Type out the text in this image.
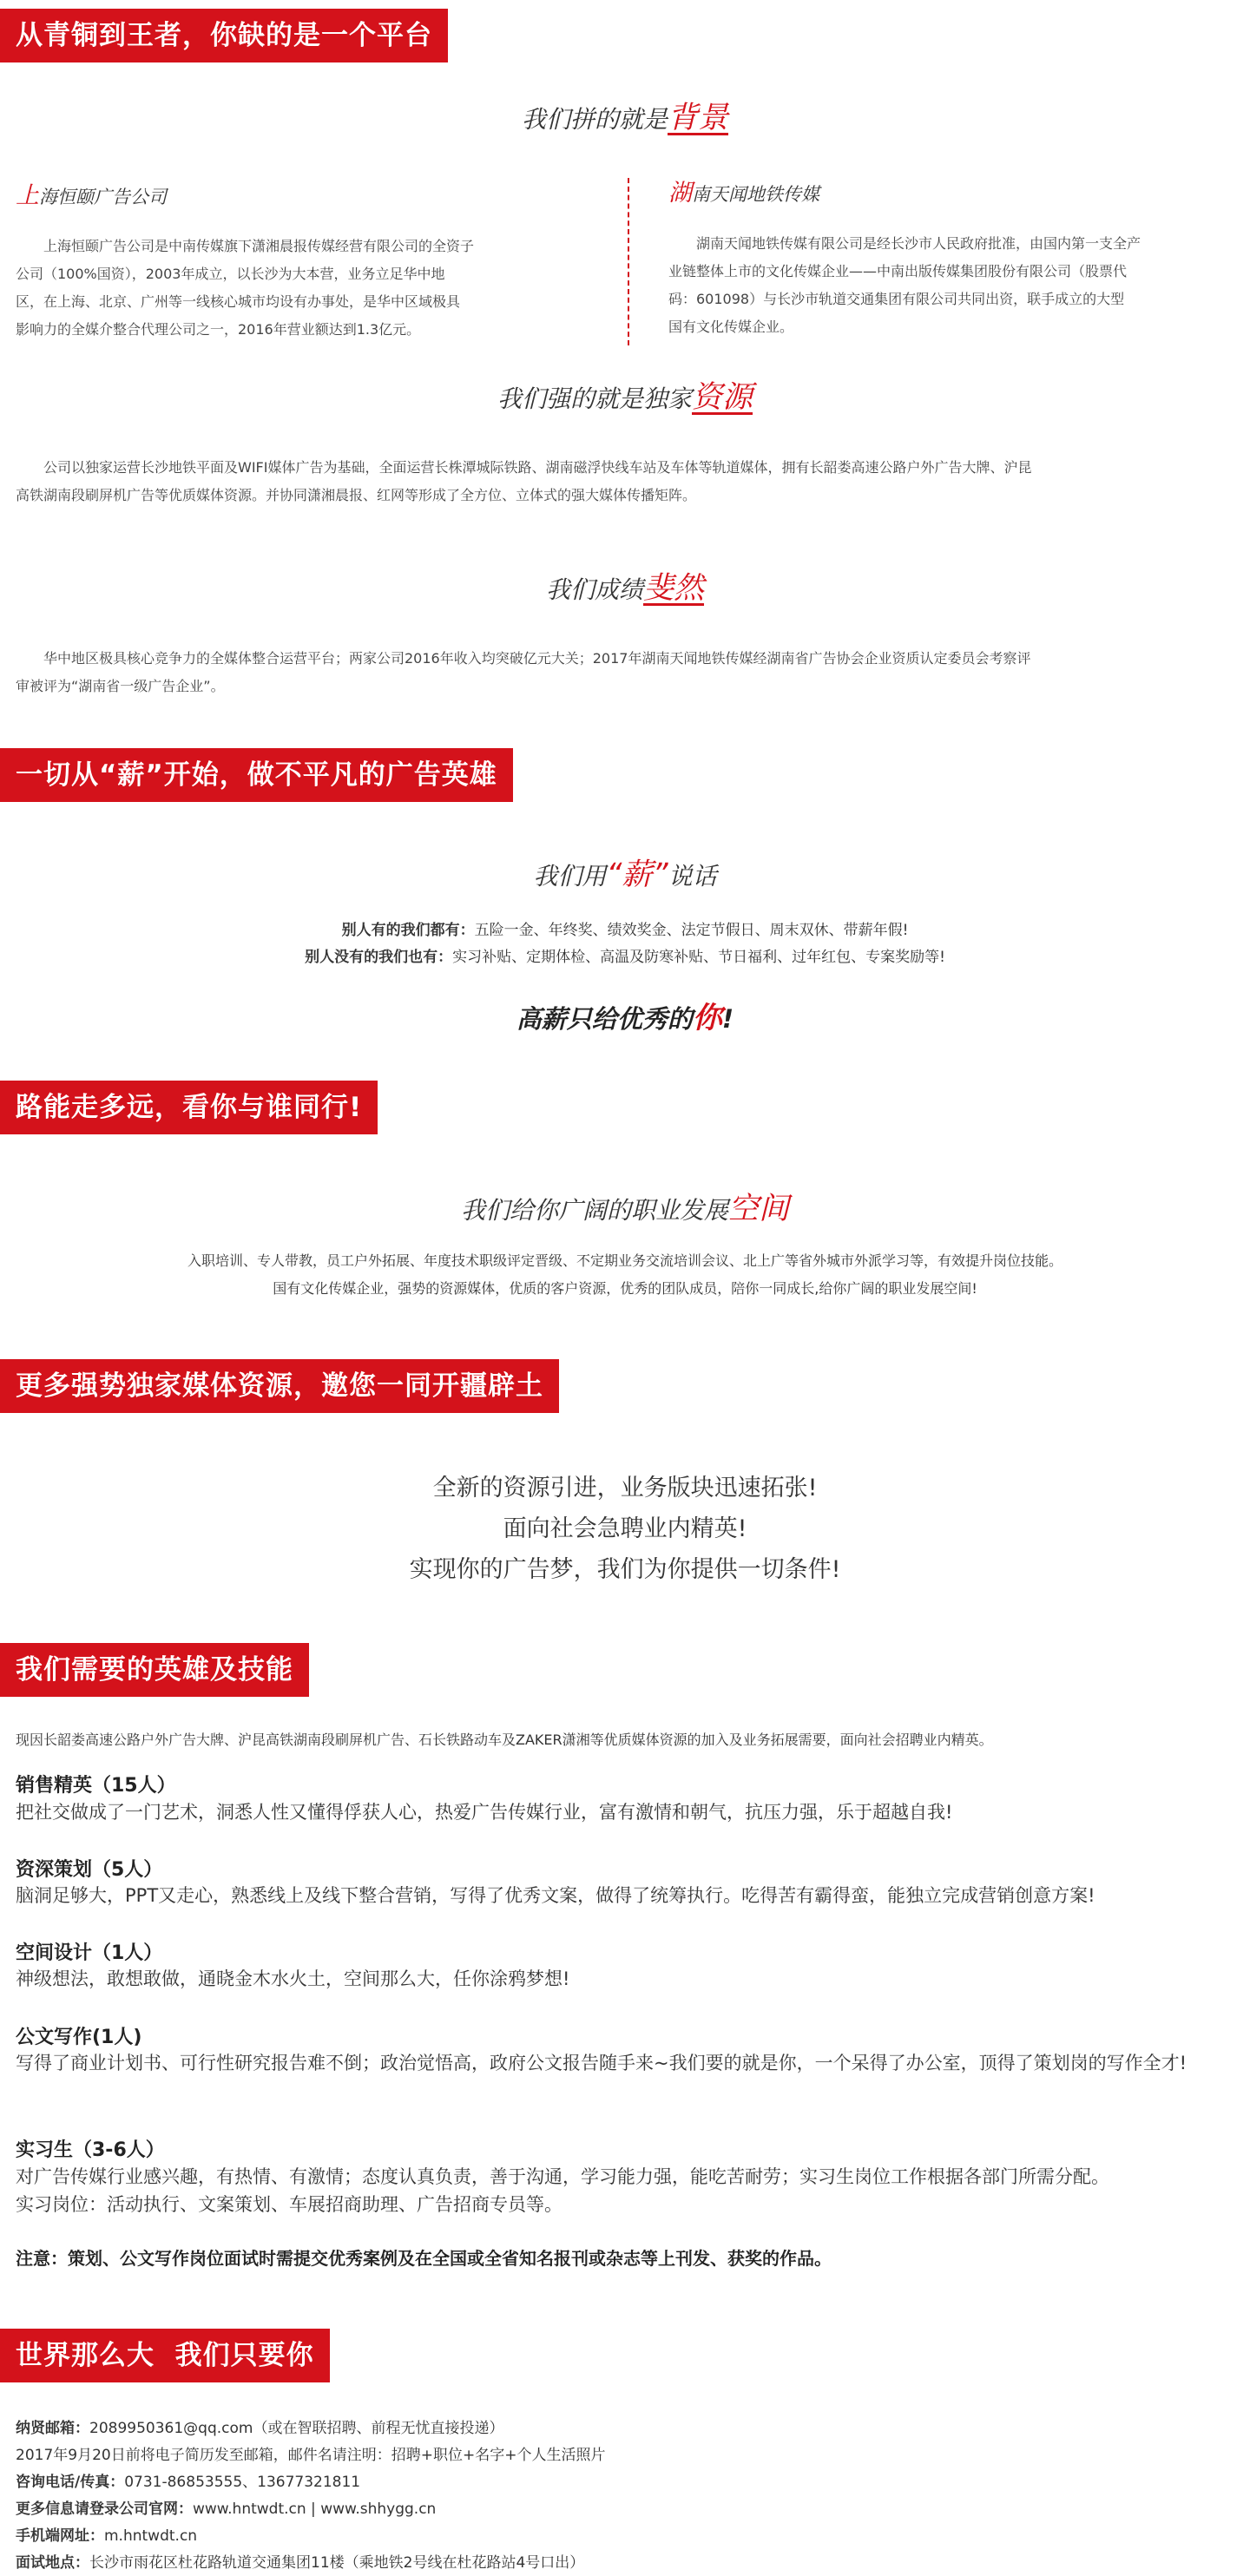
从青铜到王者，你缺的是一个平台
我们拼的就是背景
上海恒颐广告公司
上海恒颐广告公司是中南传媒旗下潇湘晨报传媒经营有限公司的全资子
公司（100%国资），2003年成立，以长沙为大本营，业务立足华中地
区，在上海、北京、广州等一线核心城市均设有办事处，是华中区域极具
影响力的全媒介整合代理公司之一，2016年营业额达到1.3亿元。
湖南天闻地铁传媒
湖南天闻地铁传媒有限公司是经长沙市人民政府批准，由国内第一支全产
业链整体上市的文化传媒企业——中南出版传媒集团股份有限公司（股票代
码：601098）与长沙市轨道交通集团有限公司共同出资，联手成立的大型
国有文化传媒企业。
我们强的就是独家资源
公司以独家运营长沙地铁平面及WIFI媒体广告为基础，全面运营长株潭城际铁路、湖南磁浮快线车站及车体等轨道媒体，拥有长韶娄高速公路户外广告大牌、沪昆
高铁湖南段刷屏机广告等优质媒体资源。并协同潇湘晨报、红网等形成了全方位、立体式的强大媒体传播矩阵。
我们成绩斐然
华中地区极具核心竞争力的全媒体整合运营平台；两家公司2016年收入均突破亿元大关；2017年湖南天闻地铁传媒经湖南省广告协会企业资质认定委员会考察评
审被评为“湖南省一级广告企业”。
一切从“薪”开始，做不平凡的广告英雄
我们用“薪”说话
别人有的我们都有：五险一金、年终奖、绩效奖金、法定节假日、周末双休、带薪年假!
别人没有的我们也有：实习补贴、定期体检、高温及防寒补贴、节日福利、过年红包、专案奖励等!
高薪只给优秀的你!
路能走多远，看你与谁同行!
我们给你广阔的职业发展空间
入职培训、专人带教，员工户外拓展、年度技术职级评定晋级、不定期业务交流培训会议、北上广等省外城市外派学习等，有效提升岗位技能。
国有文化传媒企业，强势的资源媒体，优质的客户资源，优秀的团队成员，陪你一同成长,给你广阔的职业发展空间!
更多强势独家媒体资源，邀您一同开疆辟土
全新的资源引进，业务版块迅速拓张!
面向社会急聘业内精英!
实现你的广告梦，我们为你提供一切条件!
我们需要的英雄及技能
现因长韶娄高速公路户外广告大牌、沪昆高铁湖南段刷屏机广告、石长铁路动车及ZAKER潇湘等优质媒体资源的加入及业务拓展需要，面向社会招聘业内精英。
销售精英（15人）
把社交做成了一门艺术，洞悉人性又懂得俘获人心，热爱广告传媒行业，富有激情和朝气，抗压力强，乐于超越自我!
资深策划（5人）
脑洞足够大，PPT又走心，熟悉线上及线下整合营销，写得了优秀文案，做得了统筹执行。吃得苦有霸得蛮，能独立完成营销创意方案!
空间设计（1人）
神级想法，敢想敢做，通晓金木水火土，空间那么大，任你涂鸦梦想!
公文写作(1人)
写得了商业计划书、可行性研究报告难不倒；政治觉悟高，政府公文报告随手来~我们要的就是你，一个呆得了办公室，顶得了策划岗的写作全才!
实习生（3-6人）
对广告传媒行业感兴趣，有热情、有激情；态度认真负责，善于沟通，学习能力强，能吃苦耐劳；实习生岗位工作根据各部门所需分配。
实习岗位：活动执行、文案策划、车展招商助理、广告招商专员等。
注意：策划、公文写作岗位面试时需提交优秀案例及在全国或全省知名报刊或杂志等上刊发、获奖的作品。
世界那么大  我们只要你
纳贤邮箱：2089950361@qq.com（或在智联招聘、前程无忧直接投递）
2017年9月20日前将电子简历发至邮箱，邮件名请注明：招聘+职位+名字+个人生活照片
咨询电话/传真：0731-86853555、13677321811
更多信息请登录公司官网：www.hntwdt.cn | www.shhygg.cn
手机端网址：m.hntwdt.cn
面试地点：长沙市雨花区杜花路轨道交通集团11楼（乘地铁2号线在杜花路站4号口出）
